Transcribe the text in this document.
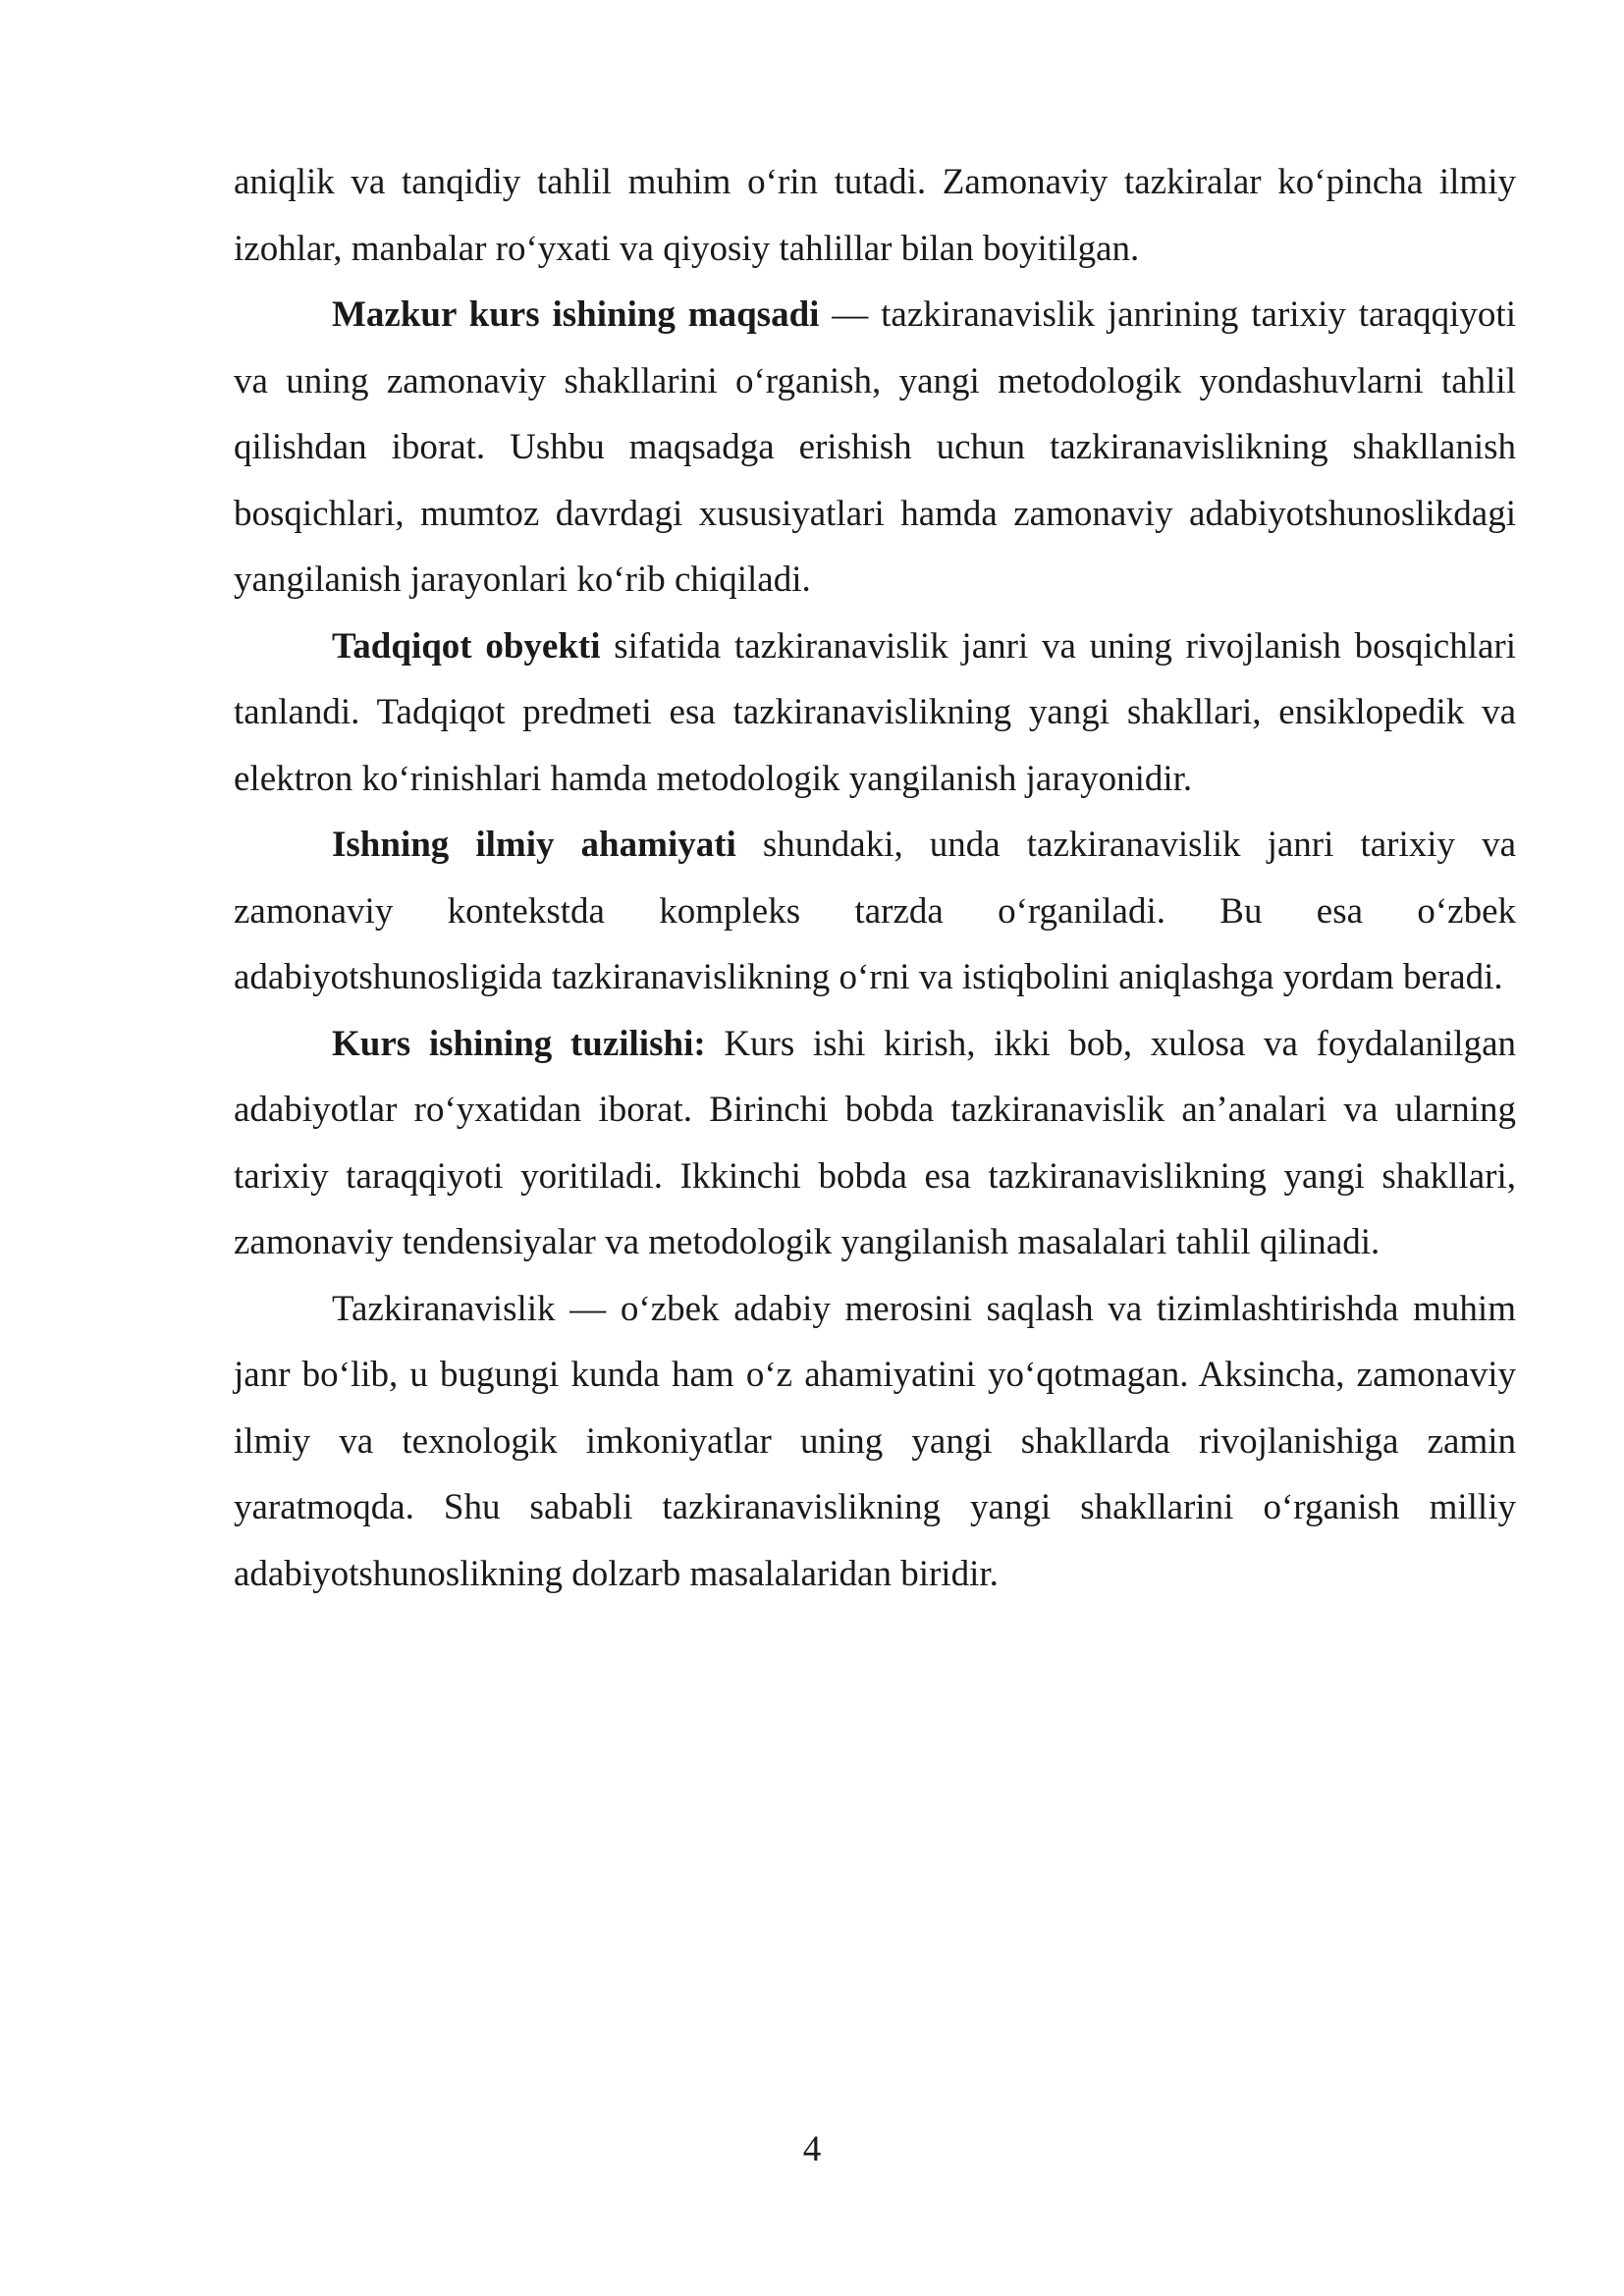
aniqlik va tanqidiy tahlil muhim o‘rin tutadi. Zamonaviy tazkiralar ko‘pincha ilmiy izohlar, manbalar ro‘yxati va qiyosiy tahlillar bilan boyitilgan.

Mazkur kurs ishining maqsadi — tazkiranavislik janrining tarixiy taraqqiyoti va uning zamonaviy shakllarini o‘rganish, yangi metodologik yondashuvlarni tahlil qilishdan iborat. Ushbu maqsadga erishish uchun tazkiranavislikning shakllanish bosqichlari, mumtoz davrdagi xususiyatlari hamda zamonaviy adabiyotshunoslikdagi yangilanish jarayonlari ko‘rib chiqiladi.

Tadqiqot obyekti sifatida tazkiranavislik janri va uning rivojlanish bosqichlari tanlandi. Tadqiqot predmeti esa tazkiranavislikning yangi shakllari, ensiklopedik va elektron ko‘rinishlari hamda metodologik yangilanish jarayonidir.

Ishning ilmiy ahamiyati shundaki, unda tazkiranavislik janri tarixiy va zamonaviy kontekstda kompleks tarzda o‘rganiladi. Bu esa o‘zbek adabiyotshunosligida tazkiranavislikning o‘rni va istiqbolini aniqlashga yordam beradi.

Kurs ishining tuzilishi: Kurs ishi kirish, ikki bob, xulosa va foydalanilgan adabiyotlar ro‘yxatidan iborat. Birinchi bobda tazkiranavislik an’analari va ularning tarixiy taraqqiyoti yoritiladi. Ikkinchi bobda esa tazkiranavislikning yangi shakllari, zamonaviy tendensiyalar va metodologik yangilanish masalalari tahlil qilinadi.

Tazkiranavislik — o‘zbek adabiy merosini saqlash va tizimlashtirishda muhim janr bo‘lib, u bugungi kunda ham o‘z ahamiyatini yo‘qotmagan. Aksincha, zamonaviy ilmiy va texnologik imkoniyatlar uning yangi shakllarda rivojlanishiga zamin yaratmoqda. Shu sababli tazkiranavislikning yangi shakllarini o‘rganish milliy adabiyotshunoslikning dolzarb masalalaridan biridir.

4
